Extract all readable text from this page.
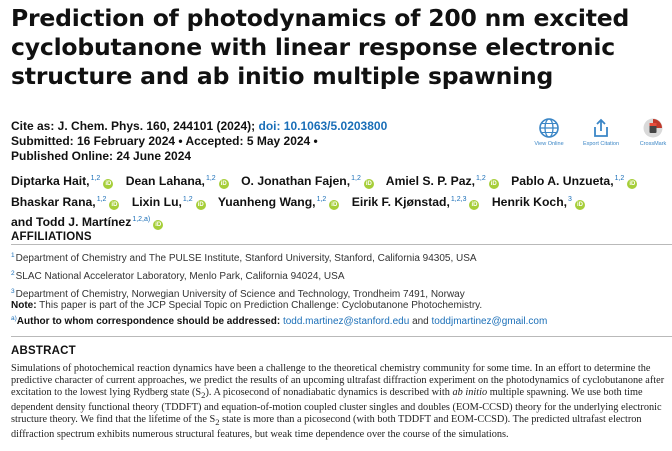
Prediction of photodynamics of 200 nm excited cyclobutanone with linear response electronic structure and ab initio multiple spawning
Cite as: J. Chem. Phys. 160, 244101 (2024); doi: 10.1063/5.0203800
Submitted: 16 February 2024 • Accepted: 5 May 2024 •
Published Online: 24 June 2024
View Online	Export Citation	CrossMark
Diptarka Hait,$^{1,2}$iD Dean Lahana,$^{1,2}$iD O. Jonathan Fajen,$^{1,2}$iD Amiel S. P. Paz,$^{1,2}$iD Pablo A. Unzueta,$^{1,2}$iD
Bhaskar Rana,$^{1,2}$iD Lixin Lu,$^{1,2}$iD Yuanheng Wang,$^{1,2}$iD Eirik F. Kjønstad,$^{1,2,3}$iD Henrik Koch,$^3$iD
and Todd J. Martínez$^{1,2,a)}$iD
AFFILIATIONS
$^1$Department of Chemistry and The PULSE Institute, Stanford University, Stanford, California 94305, USA
$^2$SLAC National Accelerator Laboratory, Menlo Park, California 94024, USA
$^3$Department of Chemistry, Norwegian University of Science and Technology, Trondheim 7491, Norway
Note: This paper is part of the JCP Special Topic on Prediction Challenge: Cyclobutanone Photochemistry.
$^{a)}$Author to whom correspondence should be addressed: todd.martinez@stanford.edu and toddjmartinez@gmail.com
ABSTRACT
Simulations of photochemical reaction dynamics have been a challenge to the theoretical chemistry community for some time. In an effort to determine the predictive character of current approaches, we predict the results of an upcoming ultrafast diffraction experiment on the photodynamics of cyclobutanone after excitation to the lowest lying Rydberg state $(S_2)$. A picosecond of nonadiabatic dynamics is described with ab initio multiple spawning. We use both time dependent density functional theory (TDDFT) and equation-of-motion coupled cluster singles and doubles (EOM-CCSD) theory for the underlying electronic structure theory. We find that the lifetime of the $S_2$ state is more than a picosecond (with both TDDFT and EOM-CCSD). The predicted ultrafast electron diffraction spectrum exhibits numerous structural features, but weak time dependence over the course of the simulations.
